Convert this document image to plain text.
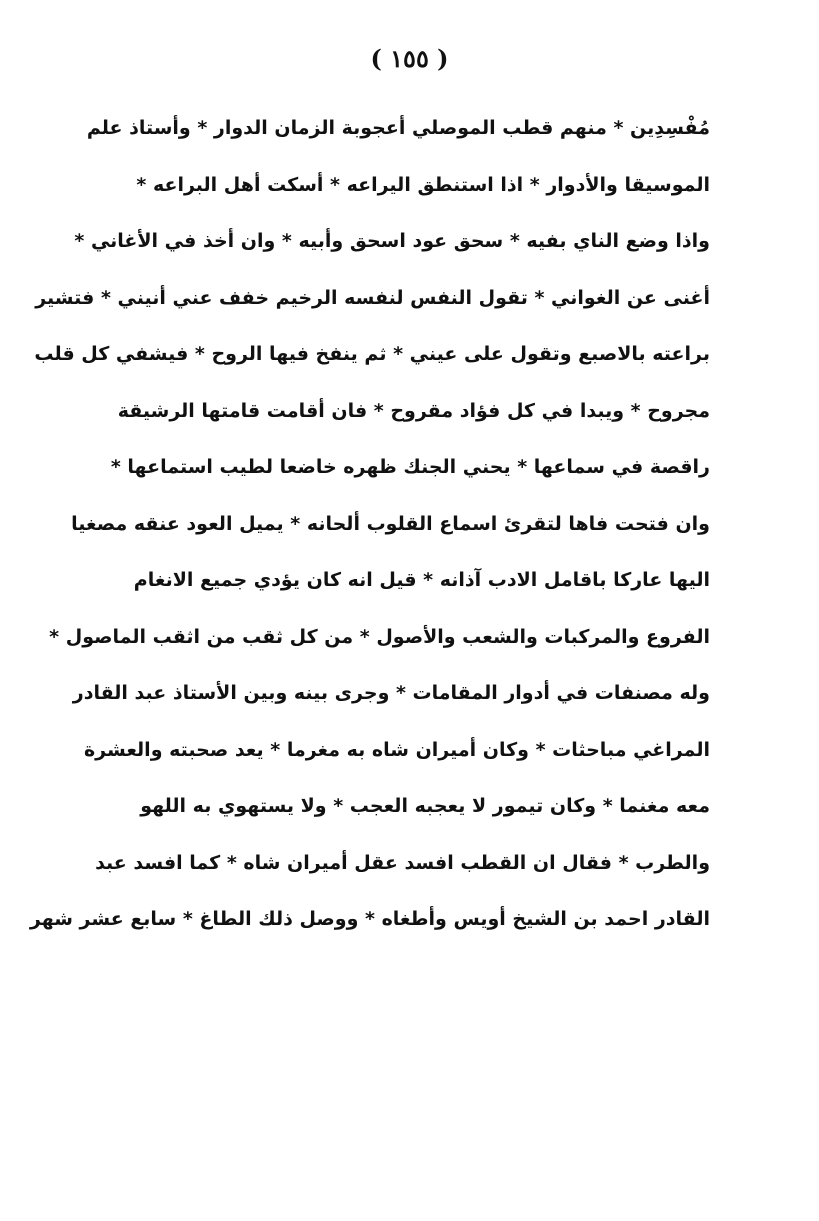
( ١٥٥ )
مُفْسِدِين * منهم قطب الموصلي أعجوبة الزمان الدوار * وأستاذ علم
الموسيقا والأدوار * اذا استنطق اليراعه * أسكت أهل البراعه *
واذا وضع الناي بفيه * سحق عود اسحق وأبيه * وان أخذ في الأغاني *
أغنى عن الغواني * تقول النفس لنفسه الرخيم خفف عني أنيني * فتشير
براعته بالاصبع وتقول على عيني * ثم ينفخ فيها الروح * فيشفي كل قلب
مجروح * ويبدا في كل فؤاد مقروح * فان أقامت قامتها الرشيقة
راقصة في سماعها * يحني الجنك ظهره خاضعا لطيب استماعها *
وان فتحت فاها لتقرئ اسماع القلوب ألحانه * يميل العود عنقه مصغيا
اليها عاركا باقامل الادب آذانه * قيل انه كان يؤدي جميع الانغام
الفروع والمركبات والشعب والأصول * من كل ثقب من اثقب الماصول *
وله مصنفات في أدوار المقامات * وجرى بينه وبين الأستاذ عبد القادر
المراغي مباحثات * وكان أميران شاه به مغرما * يعد صحبته والعشرة
معه مغنما * وكان تيمور لا يعجبه العجب * ولا يستهوي به اللهو
والطرب * فقال ان القطب افسد عقل أميران شاه * كما افسد عبد
القادر احمد بن الشيخ أويس وأطغاه * ووصل ذلك الطاغ * سابع عشر شهر
